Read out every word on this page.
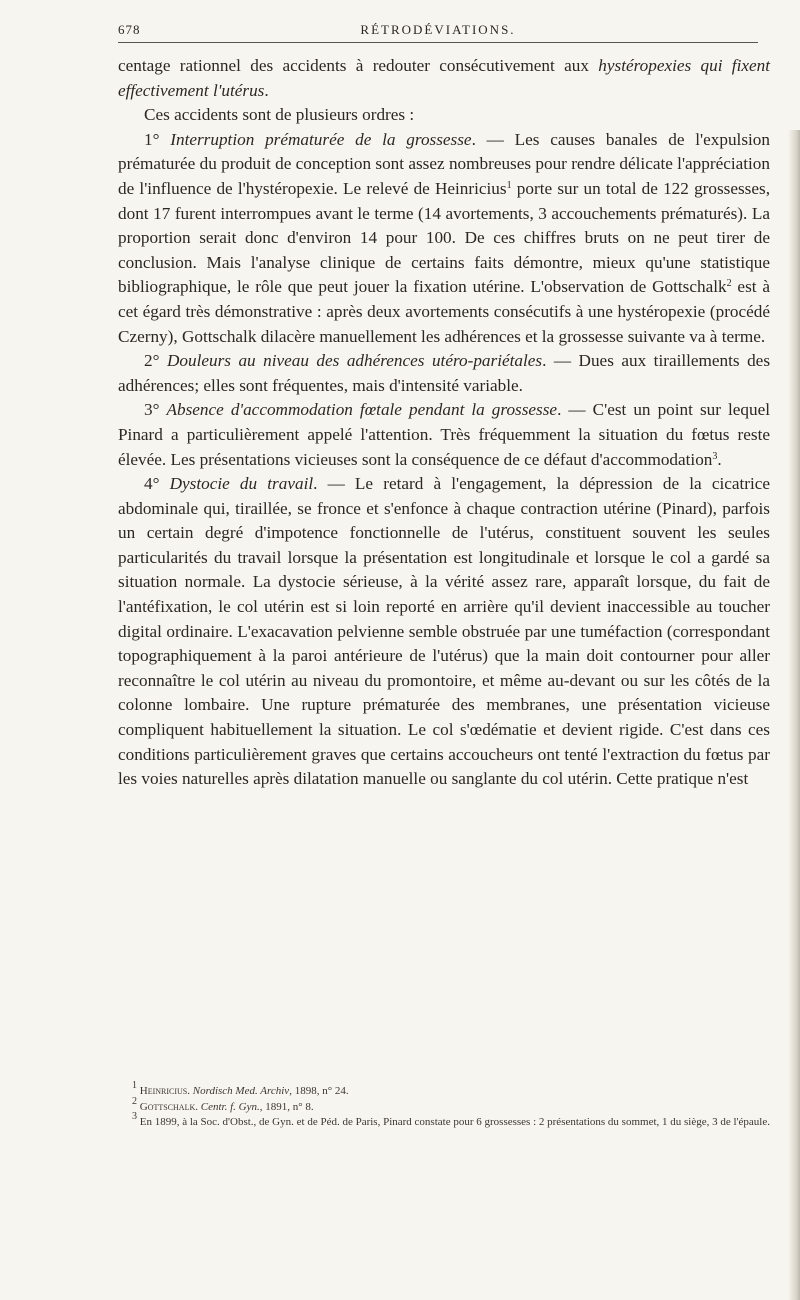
678	RÉTRODÉVIATIONS.

centage rationnel des accidents à redouter consécutivement aux hystéropexies qui fixent effectivement l'utérus.

Ces accidents sont de plusieurs ordres :

1° Interruption prématurée de la grossesse. — Les causes banales de l'expulsion prématurée du produit de conception sont assez nombreuses pour rendre délicate l'appréciation de l'influence de l'hystéropexie. Le relevé de Heinricius$^1$ porte sur un total de 122 grossesses, dont 17 furent interrompues avant le terme (14 avortements, 3 accouchements prématurés). La proportion serait donc d'environ 14 pour 100. De ces chiffres bruts on ne peut tirer de conclusion. Mais l'analyse clinique de certains faits démontre, mieux qu'une statistique bibliographique, le rôle que peut jouer la fixation utérine. L'observation de Gottschalk$^2$ est à cet égard très démonstrative : après deux avortements consécutifs à une hystéropexie (procédé Czerny), Gottschalk dilacère manuellement les adhérences et la grossesse suivante va à terme.

2° Douleurs au niveau des adhérences utéro-pariétales. — Dues aux tiraillements des adhérences; elles sont fréquentes, mais d'intensité variable.

3° Absence d'accommodation fœtale pendant la grossesse. — C'est un point sur lequel Pinard a particulièrement appelé l'attention. Très fréquemment la situation du fœtus reste élevée. Les présentations vicieuses sont la conséquence de ce défaut d'accommodation$^3$.

4° Dystocie du travail. — Le retard à l'engagement, la dépression de la cicatrice abdominale qui, tiraillée, se fronce et s'enfonce à chaque contraction utérine (Pinard), parfois un certain degré d'impotence fonctionnelle de l'utérus, constituent souvent les seules particularités du travail lorsque la présentation est longitudinale et lorsque le col a gardé sa situation normale. La dystocie sérieuse, à la vérité assez rare, apparaît lorsque, du fait de l'antéfixation, le col utérin est si loin reporté en arrière qu'il devient inaccessible au toucher digital ordinaire. L'exacavation pelvienne semble obstruée par une tuméfaction (correspondant topographiquement à la paroi antérieure de l'utérus) que la main doit contourner pour aller reconnaître le col utérin au niveau du promontoire, et même au-devant ou sur les côtés de la colonne lombaire. Une rupture prématurée des membranes, une présentation vicieuse compliquent habituellement la situation. Le col s'œdématie et devient rigide. C'est dans ces conditions particulièrement graves que certains accoucheurs ont tenté l'extraction du fœtus par les voies naturelles après dilatation manuelle ou sanglante du col utérin. Cette pratique n'est

$^1$ Heinricius. Nordisch Med. Archiv, 1898, n° 24.

$^2$ Gottschalk. Centr. f. Gyn., 1891, n° 8.

$^3$ En 1899, à la Soc. d'Obst., de Gyn. et de Péd. de Paris, Pinard constate pour 6 grossesses : 2 présentations du sommet, 1 du siège, 3 de l'épaule.
